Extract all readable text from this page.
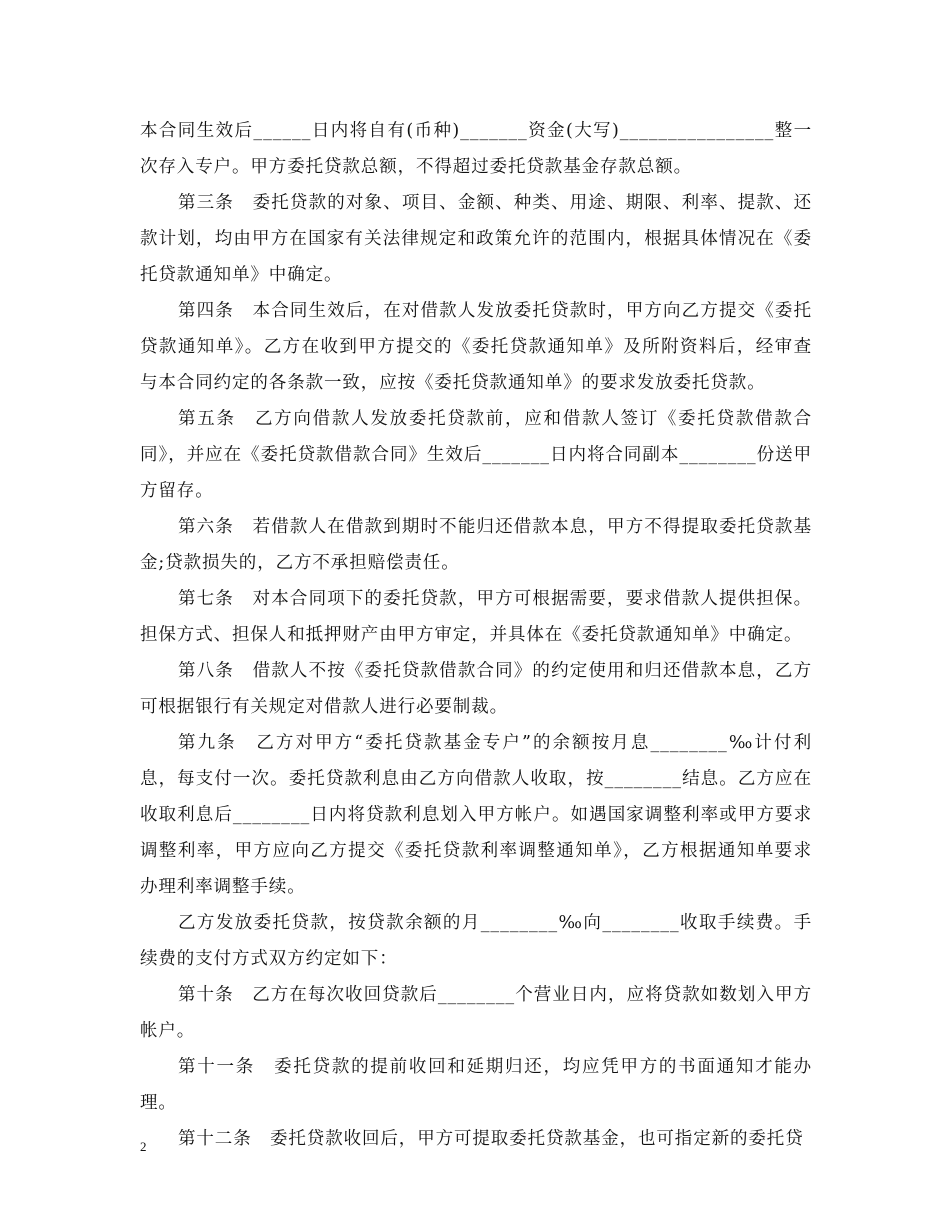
本合同生效后______日内将自有(币种)_______资金(大写)________________整一次存入专户。甲方委托贷款总额，不得超过委托贷款基金存款总额。

第三条　委托贷款的对象、项目、金额、种类、用途、期限、利率、提款、还款计划，均由甲方在国家有关法律规定和政策允许的范围内，根据具体情况在《委托贷款通知单》中确定。

第四条　本合同生效后，在对借款人发放委托贷款时，甲方向乙方提交《委托贷款通知单》。乙方在收到甲方提交的《委托贷款通知单》及所附资料后，经审查与本合同约定的各条款一致，应按《委托贷款通知单》的要求发放委托贷款。

第五条　乙方向借款人发放委托贷款前，应和借款人签订《委托贷款借款合同》，并应在《委托贷款借款合同》生效后_______日内将合同副本________份送甲方留存。

第六条　若借款人在借款到期时不能归还借款本息，甲方不得提取委托贷款基金;贷款损失的，乙方不承担赔偿责任。

第七条　对本合同项下的委托贷款，甲方可根据需要，要求借款人提供担保。担保方式、担保人和抵押财产由甲方审定，并具体在《委托贷款通知单》中确定。

第八条　借款人不按《委托贷款借款合同》的约定使用和归还借款本息，乙方可根据银行有关规定对借款人进行必要制裁。

第九条　乙方对甲方“委托贷款基金专户”的余额按月息________‰计付利息，每支付一次。委托贷款利息由乙方向借款人收取，按________结息。乙方应在收取利息后________日内将贷款利息划入甲方帐户。如遇国家调整利率或甲方要求调整利率，甲方应向乙方提交《委托贷款利率调整通知单》，乙方根据通知单要求办理利率调整手续。

乙方发放委托贷款，按贷款余额的月________‰向________收取手续费。手续费的支付方式双方约定如下：

第十条　乙方在每次收回贷款后________个营业日内，应将贷款如数划入甲方帐户。

第十一条　委托贷款的提前收回和延期归还，均应凭甲方的书面通知才能办理。

第十二条　委托贷款收回后，甲方可提取委托贷款基金，也可指定新的委托贷

2
